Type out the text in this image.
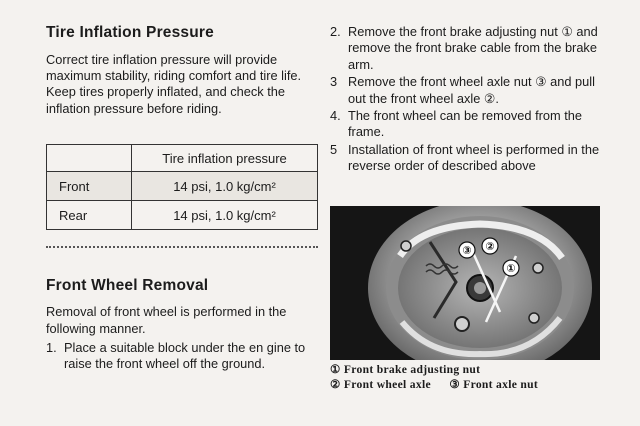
Tire Inflation Pressure

Correct tire inflation pressure will provide maximum stability, riding comfort and tire life. Keep tires properly inflated, and check the inflation pressure before riding.

	Tire inflation pressure
Front	14 psi, 1.0 kg/cm²
Rear	14 psi, 1.0 kg/cm²
Front Wheel Removal

Removal of front wheel is performed in the following manner.

1. Place a suitable block under the en gine to raise the front wheel off the ground.
2. Remove the front brake adjusting nut ① and remove the front brake cable from the brake arm.
3 Remove the front wheel axle nut ③ and pull out the front wheel axle ②.
4. The front wheel can be removed from the frame.
5 Installation of front wheel is performed in the reverse order of described above
③ ②
①
① Front brake adjusting nut
② Front wheel axle ③ Front axle nut
